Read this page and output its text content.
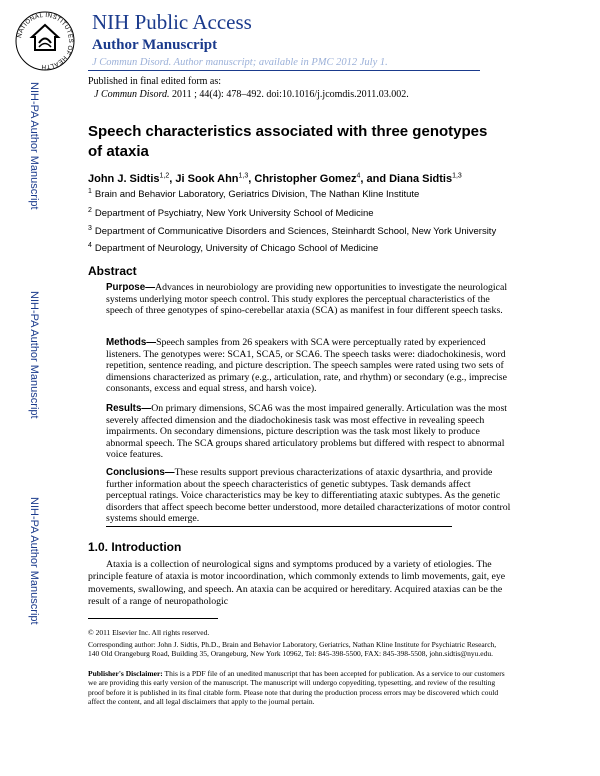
NATIONAL INSTITUTES OF HEALTH
NIH Public Access
Author Manuscript
J Commun Disord. Author manuscript; available in PMC 2012 July 1.
NIH-PA Author Manuscript
NIH-PA Author Manuscript
NIH-PA Author Manuscript
Published in final edited form as:
J Commun Disord. 2011 ; 44(4): 478–492. doi:10.1016/j.jcomdis.2011.03.002.
Speech characteristics associated with three genotypes of ataxia
John J. Sidtis$^{1,2}$, Ji Sook Ahn$^{1,3}$, Christopher Gomez$^4$, and Diana Sidtis$^{1,3}$
$^1$ Brain and Behavior Laboratory, Geriatrics Division, The Nathan Kline Institute
$^2$ Department of Psychiatry, New York University School of Medicine
$^3$ Department of Communicative Disorders and Sciences, Steinhardt School, New York University
$^4$ Department of Neurology, University of Chicago School of Medicine
Abstract
Purpose—Advances in neurobiology are providing new opportunities to investigate the neurological systems underlying motor speech control. This study explores the perceptual characteristics of the speech of three genotypes of spino-cerebellar ataxia (SCA) as manifest in four different speech tasks.
Methods—Speech samples from 26 speakers with SCA were perceptually rated by experienced listeners. The genotypes were: SCA1, SCA5, or SCA6. The speech tasks were: diadochokinesis, word repetition, sentence reading, and picture description. The speech samples were rated using two sets of dimensions characterized as primary (e.g., articulation, rate, and rhythm) or secondary (e.g., imprecise consonants, excess and equal stress, and harsh voice).
Results—On primary dimensions, SCA6 was the most impaired generally. Articulation was the most severely affected dimension and the diadochokinesis task was most effective in revealing speech impairments. On secondary dimensions, picture description was the task most likely to produce abnormal speech. The SCA groups shared articulatory problems but differed with respect to abnormal voice features.
Conclusions—These results support previous characterizations of ataxic dysarthria, and provide further information about the speech characteristics of genetic subtypes. Task demands affect perceptual ratings. Voice characteristics may be key to differentiating ataxic subtypes. As the genetic disorders that affect speech become better understood, more detailed characterizations of motor control systems should emerge.
1.0. Introduction
Ataxia is a collection of neurological signs and symptoms produced by a variety of etiologies. The principle feature of ataxia is motor incoordination, which commonly extends to limb movements, gait, eye movements, swallowing, and speech. An ataxia can be acquired or hereditary. Acquired ataxias can be the result of a range of neuropathologic
© 2011 Elsevier Inc. All rights reserved.
Corresponding author: John J. Sidtis, Ph.D., Brain and Behavior Laboratory, Geriatrics, Nathan Kline Institute for Psychiatric Research, 140 Old Orangeburg Road, Building 35, Orangeburg, New York 10962, Tel: 845-398-5500, FAX: 845-398-5508, john.sidtis@nyu.edu.
Publisher's Disclaimer: This is a PDF file of an unedited manuscript that has been accepted for publication. As a service to our customers we are providing this early version of the manuscript. The manuscript will undergo copyediting, typesetting, and review of the resulting proof before it is published in its final citable form. Please note that during the production process errors may be discovered which could affect the content, and all legal disclaimers that apply to the journal pertain.
